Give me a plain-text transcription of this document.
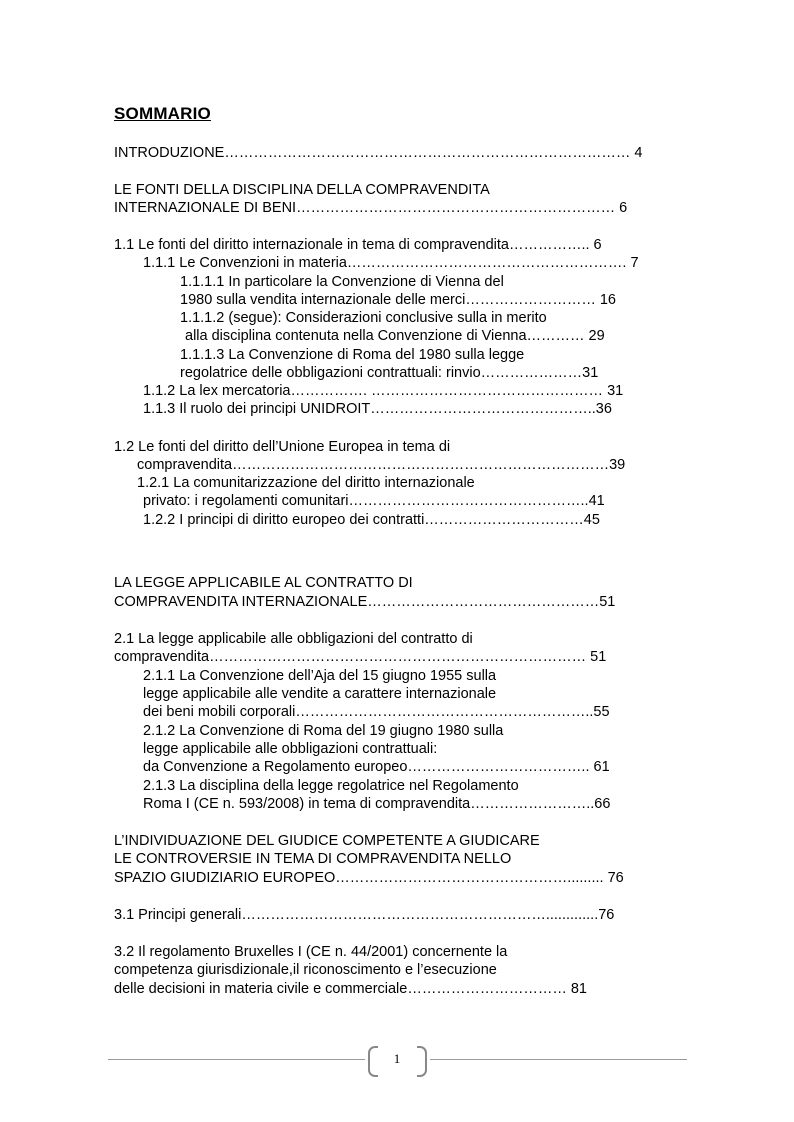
SOMMARIO
INTRODUZIONE………………………………………………………………………… 4
LE FONTI DELLA DISCIPLINA DELLA COMPRAVENDITA
INTERNAZIONALE DI BENI………………………………………………………… 6
1.1 Le fonti del diritto internazionale in tema di compravendita…………….. 6
1.1.1 Le Convenzioni in materia…………………………………………………. 7
1.1.1.1 In particolare la Convenzione di Vienna del
1980 sulla vendita internazionale delle merci……………………… 16
1.1.1.2 (segue): Considerazioni conclusive sulla in merito
alla disciplina contenuta nella Convenzione di Vienna………… 29
1.1.1.3 La Convenzione di Roma del 1980 sulla legge
regolatrice delle obbligazioni contrattuali: rinvio…………………31
1.1.2 La lex mercatoria……………. ………………………………………… 31
1.1.3 Il ruolo dei principi UNIDROIT………………………………………..36
1.2 Le fonti del diritto dell’Unione Europea in tema di
compravendita……………………………………………………………………39
1.2.1 La comunitarizzazione del diritto internazionale
privato: i regolamenti comunitari…………………………………………..41
1.2.2 I principi di diritto europeo dei contratti……………………………45
LA LEGGE APPLICABILE AL CONTRATTO DI
COMPRAVENDITA INTERNAZIONALE…………………………………………51
2.1 La legge applicabile alle obbligazioni del contratto di
compravendita…………………………………………………………………… 51
2.1.1 La Convenzione dell’Aja del 15 giugno 1955 sulla
legge applicabile alle vendite a carattere internazionale
dei beni mobili corporali……………………………………………………..55
2.1.2 La Convenzione di Roma del 19 giugno 1980 sulla
legge applicabile alle obbligazioni contrattuali:
da Convenzione a Regolamento europeo……………………………….. 61
2.1.3 La disciplina della legge regolatrice nel Regolamento
Roma I (CE n. 593/2008) in tema di compravendita……………………..66
L’INDIVIDUAZIONE DEL GIUDICE COMPETENTE A GIUDICARE
LE CONTROVERSIE IN TEMA DI COMPRAVENDITA NELLO
SPAZIO GIUDIZIARIO EUROPEO…………………………………………......... 76
3.1 Principi generali……………………………………………………….............76
3.2 Il regolamento Bruxelles I (CE n. 44/2001) concernente la
competenza giurisdizionale,il riconoscimento e l’esecuzione
delle decisioni in materia civile e commerciale…………………………… 81
1
